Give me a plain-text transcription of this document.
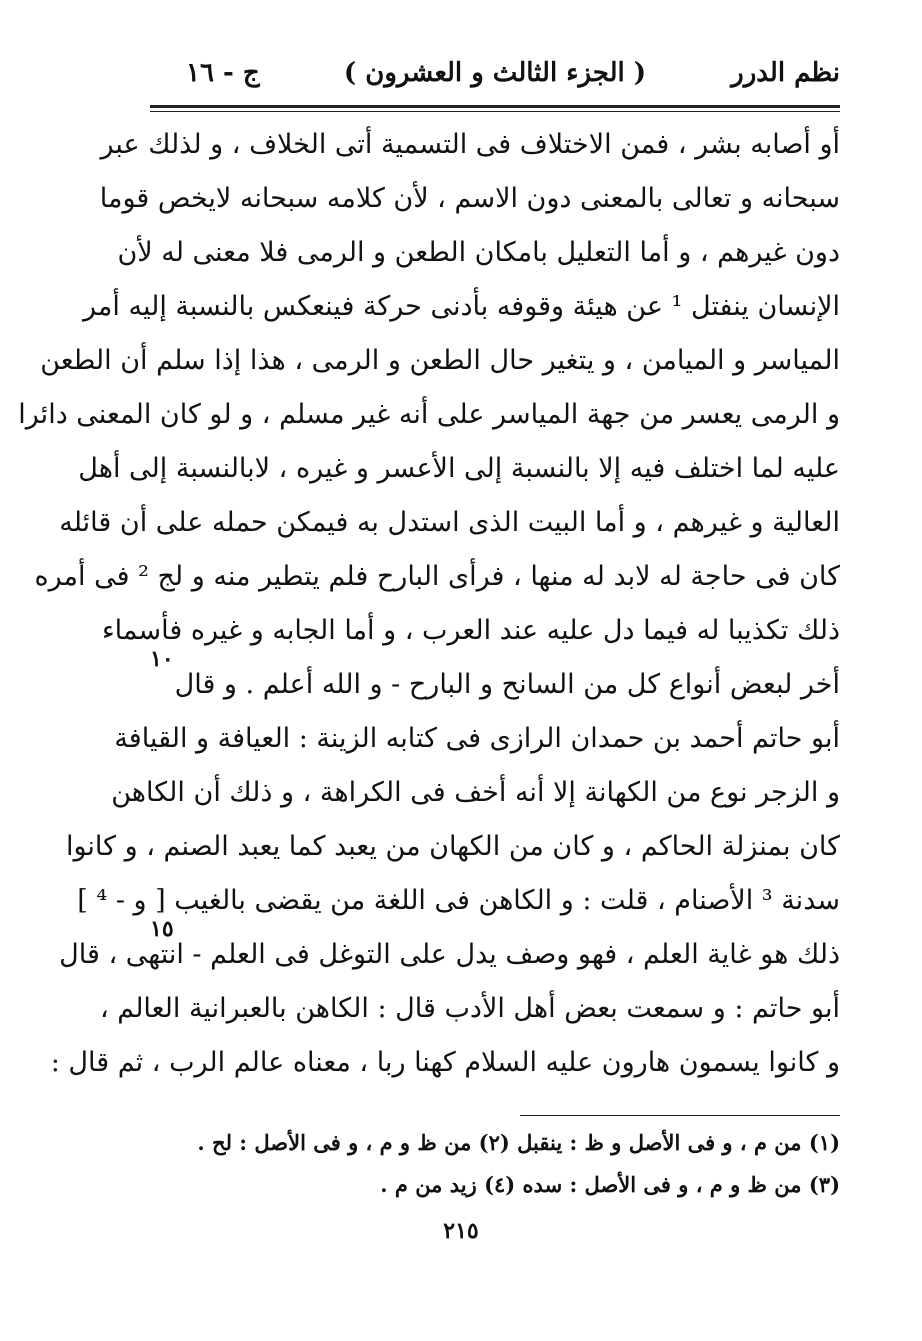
نظم الدرر
( الجزء الثالث و العشرون )
ج - ١٦
أو أصابه بشر ، فمن الاختلاف فى التسمية أتى الخلاف ، و لذلك عبر
سبحانه و تعالى بالمعنى دون الاسم ، لأن كلامه سبحانه لايخص قوما
دون غيرهم ، و أما التعليل بامكان الطعن و الرمى فلا معنى له لأن
الإنسان ينفتل ¹ عن هيئة وقوفه بأدنى حركة فينعكس بالنسبة إليه أمر
المياسر و الميامن ، و يتغير حال الطعن و الرمى ، هذا إذا سلم أن الطعن
و الرمى يعسر من جهة المياسر على أنه غير مسلم ، و لو كان المعنى دائرا
عليه لما اختلف فيه إلا بالنسبة إلى الأعسر و غيره ، لابالنسبة إلى أهل
العالية و غيرهم ، و أما البيت الذى استدل به فيمكن حمله على أن قائله
كان فى حاجة له لابد له منها ، فرأى البارح فلم يتطير منه و لج ² فى أمره
ذلك تكذيبا له فيما دل عليه عند العرب ، و أما الجابه و غيره فأسماء
أخر لبعض أنواع كل من السانح و البارح - و الله أعلم . و قال
أبو حاتم أحمد بن حمدان الرازى فى كتابه الزينة : العيافة و القيافة
و الزجر نوع من الكهانة إلا أنه أخف فى الكراهة ، و ذلك أن الكاهن
كان بمنزلة الحاكم ، و كان من الكهان من يعبد كما يعبد الصنم ، و كانوا
سدنة ³ الأصنام ، قلت : و الكاهن فى اللغة من يقضى بالغيب [ و - ⁴ ]
ذلك هو غاية العلم ، فهو وصف يدل على التوغل فى العلم - انتهى ، قال
أبو حاتم : و سمعت بعض أهل الأدب قال : الكاهن بالعبرانية العالم ،
و كانوا يسمون هارون عليه السلام كهنا ربا ، معناه عالم الرب ، ثم قال :
١٠
١٥
(١) من م ، و فى الأصل و ظ : ينقبل (٢) من ظ و م ، و فى الأصل : لح .
(٣) من ظ و م ، و فى الأصل : سده (٤) زيد من م .
٢١٥
